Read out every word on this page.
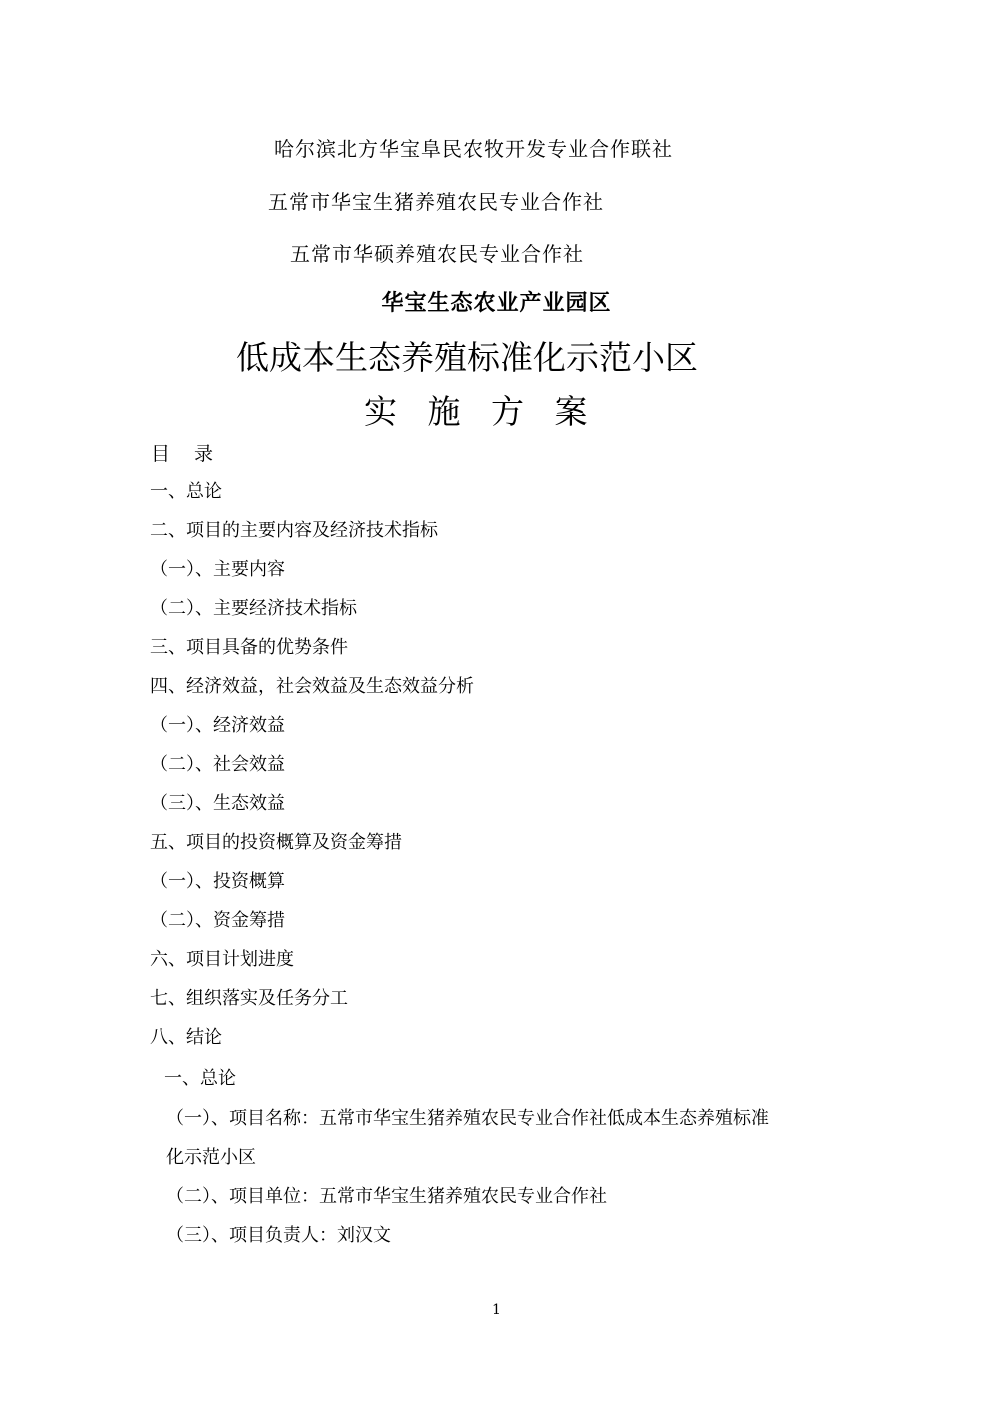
哈尔滨北方华宝阜民农牧开发专业合作联社
五常市华宝生猪养殖农民专业合作社
五常市华硕养殖农民专业合作社
华宝生态农业产业园区
低成本生态养殖标准化示范小区
实 施 方 案
目 录
一、总论
二、项目的主要内容及经济技术指标
（一）、主要内容
（二）、主要经济技术指标
三、项目具备的优势条件
四、经济效益，社会效益及生态效益分析
（一）、经济效益
（二）、社会效益
（三）、生态效益
五、项目的投资概算及资金筹措
（一）、投资概算
（二）、资金筹措
六、项目计划进度
七、组织落实及任务分工
八、结论
一、总论

（一）、项目名称：五常市华宝生猪养殖农民专业合作社低成本生态养殖标准

化示范小区

（二）、项目单位：五常市华宝生猪养殖农民专业合作社

（三）、项目负责人：刘汉文

1
